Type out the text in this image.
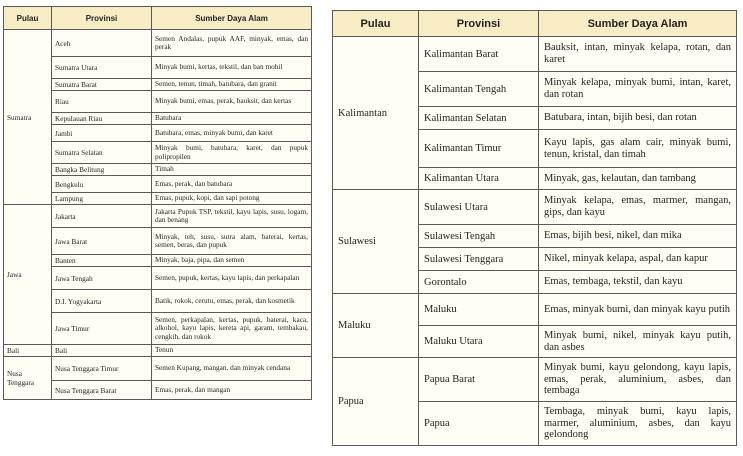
Pulau	Provinsi	Sumber Daya Alam
Sumatra	Aceh	Semen Andalas, pupuk AAF, minyak, emas, dan perak
	Sumatra Utara	Minyak bumi, kertas, tekstil, dan ban mobil
	Sumatra Barat	Semen, tenun, timah, batubara, dan granit
	Riau	Minyak bumi, emas, perak, bauksit, dan kertas
	Kepulauan Riau	Batubara
	Jambi	Batubara, emas, minyak bumi, dan karet
	Sumatra Selatan	Minyak bumi, batubara, karet, dan pupuk polipropilen
	Bangka Belitung	Timah
	Bengkulu	Emas, perak, dan batubara
	Lampung	Emas, pupuk, kopi, dan sapi potong
Jawa	Jakarta	Jakarta Pupuk TSP, tekstil, kayu lapis, susu, logam, dan benang
	Jawa Barat	Minyak, teh, susu, sutra alam, baterai, kertas, semen, beras, dan pupuk
	Banten	Minyak, baja, pipa, dan semen
	Jawa Tengah	Semen, pupuk, kertas, kayu lapis, dan perkapalan
	D.I. Yogyakarta	Batik, rokok, cerutu, emas, perak, dan kosmetik
	Jawa Timur	Semen, perkapalan, kertas, pupuk, baterai, kaca, alkohol, kayu lapis, kereta api, garam, tembakau, cengkih, dan rokok
Bali	Bali	Tenun
Nusa Tenggara	Nusa Tenggara Timur	Semen Kupang, mangan, dan minyak cendana
	Nusa Tenggara Barat	Emas, perak, dan mangan
Pulau	Provinsi	Sumber Daya Alam
Kalimantan	Kalimantan Barat	Bauksit, intan, minyak kelapa, rotan, dan karet
	Kalimantan Tengah	Minyak kelapa, minyak bumi, intan, karet, dan rotan
	Kalimantan Selatan	Batubara, intan, bijih besi, dan rotan
	Kalimantan Timur	Kayu lapis, gas alam cair, minyak bumi, tenun, kristal, dan timah
	Kalimantan Utara	Minyak, gas, kelautan, dan tambang
Sulawesi	Sulawesi Utara	Minyak kelapa, emas, marmer, mangan, gips, dan kayu
	Sulawesi Tengah	Emas, bijih besi, nikel, dan mika
	Sulawesi Tenggara	Nikel, minyak kelapa, aspal, dan kapur
	Gorontalo	Emas, tembaga, tekstil, dan kayu
Maluku	Maluku	Emas, minyak bumi, dan minyak kayu putih
	Maluku Utara	Minyak bumi, nikel, minyak kayu putih, dan asbes
Papua	Papua Barat	Minyak bumi, kayu gelondong, kayu lapis, emas, perak, aluminium, asbes, dan tembaga
	Papua	Tembaga, minyak bumi, kayu lapis, marmer, aluminium, asbes, dan kayu gelondong
